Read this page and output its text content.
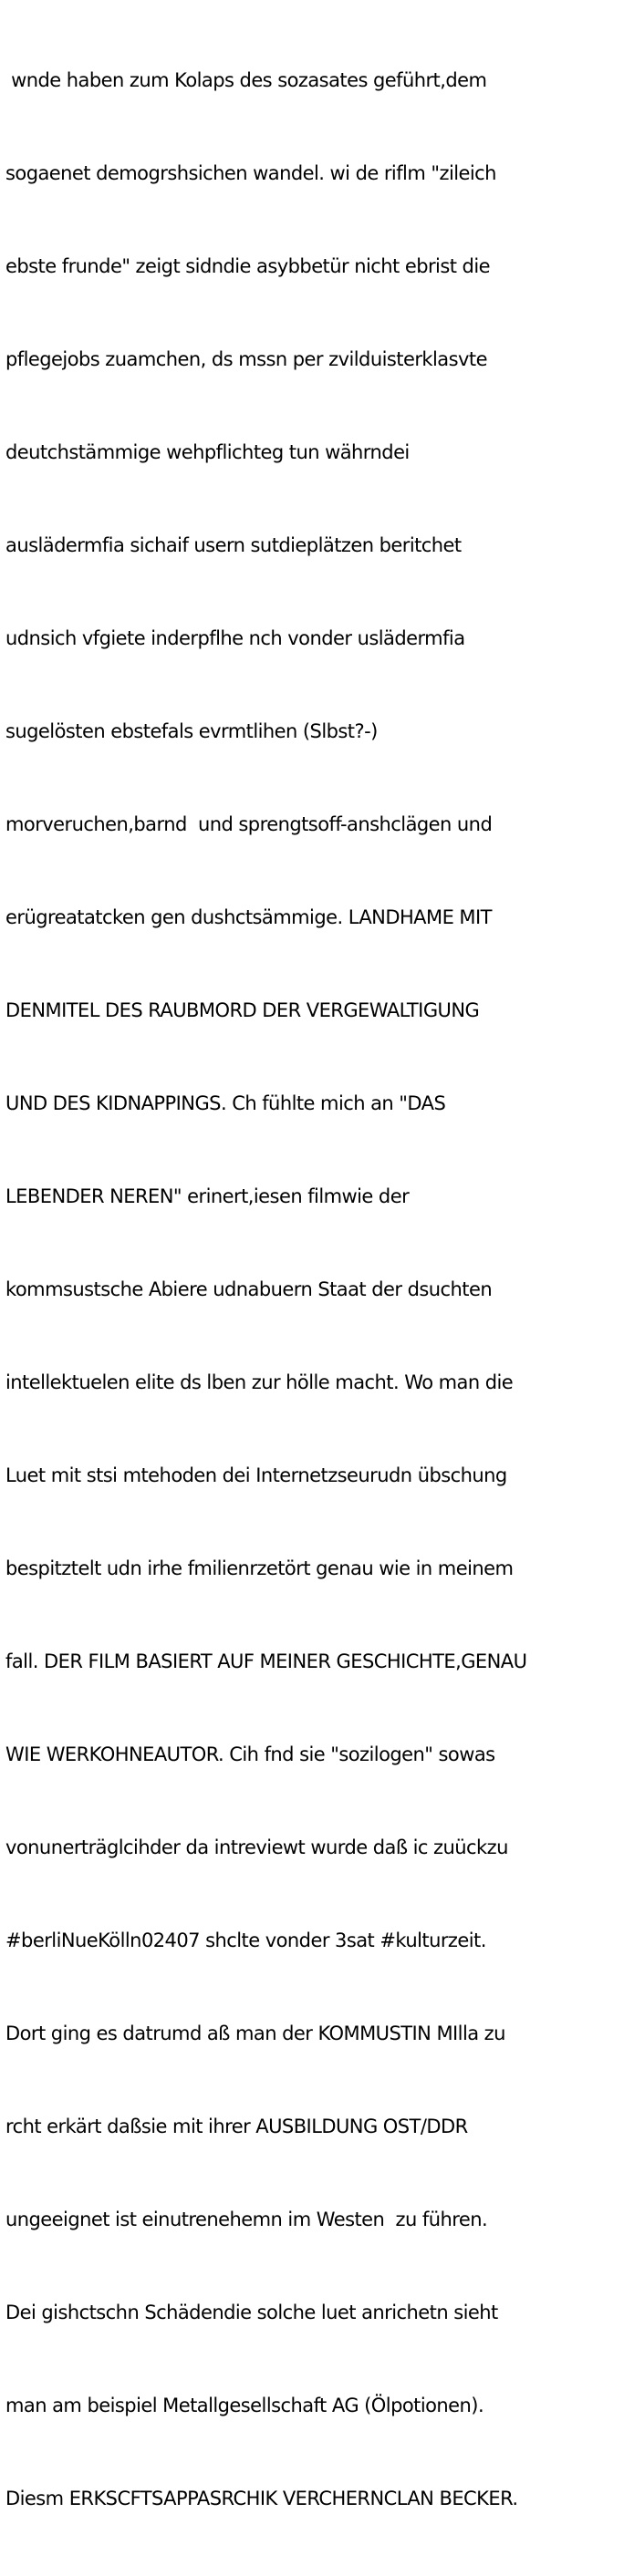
wnde haben zum Kolaps des sozasates geführt,dem

sogaenet demogrshsichen wandel. wi de riflm "zileich

ebste frunde" zeigt sidndie asybbetür nicht ebrist die

pflegejobs zuamchen, ds mssn per zvilduisterklasvte

deutchstämmige wehpflichteg tun währndei

auslädermfia sichaif usern sutdieplätzen beritchet

udnsich vfgiete inderpflhe nch vonder uslädermfia

sugelösten ebstefals evrmtlihen (Slbst?-)

morveruchen,barnd  und sprengtsoff-anshclägen und

erügreatatcken gen dushctsämmige. LANDHAME MIT

DENMITEL DES RAUBMORD DER VERGEWALTIGUNG

UND DES KIDNAPPINGS. Ch fühlte mich an "DAS

LEBENDER NEREN" erinert,iesen filmwie der

kommsustsche Abiere udnabuern Staat der dsuchten

intellektuelen elite ds lben zur hölle macht. Wo man die

Luet mit stsi mtehoden dei Internetzseurudn übschung

bespitztelt udn irhe fmilienrzetört genau wie in meinem

fall. DER FILM BASIERT AUF MEINER GESCHICHTE,GENAU

WIE WERKOHNEAUTOR. Cih fnd sie "sozilogen" sowas

vonunerträglcihder da intreviewt wurde daß ic zuückzu

#berliNueKölln02407 shclte vonder 3sat #kulturzeit.

Dort ging es datrumd aß man der KOMMUSTIN MIlla zu

rcht erkärt daßsie mit ihrer AUSBILDUNG OST/DDR

ungeeignet ist einutrenehemn im Westen  zu führen.

Dei gishctschn Schädendie solche luet anrichetn sieht

man am beispiel Metallgesellschaft AG (Ölpotionen).

Diesm ERKSCFTSAPPASRCHIK VERCHERNCLAN BECKER.
